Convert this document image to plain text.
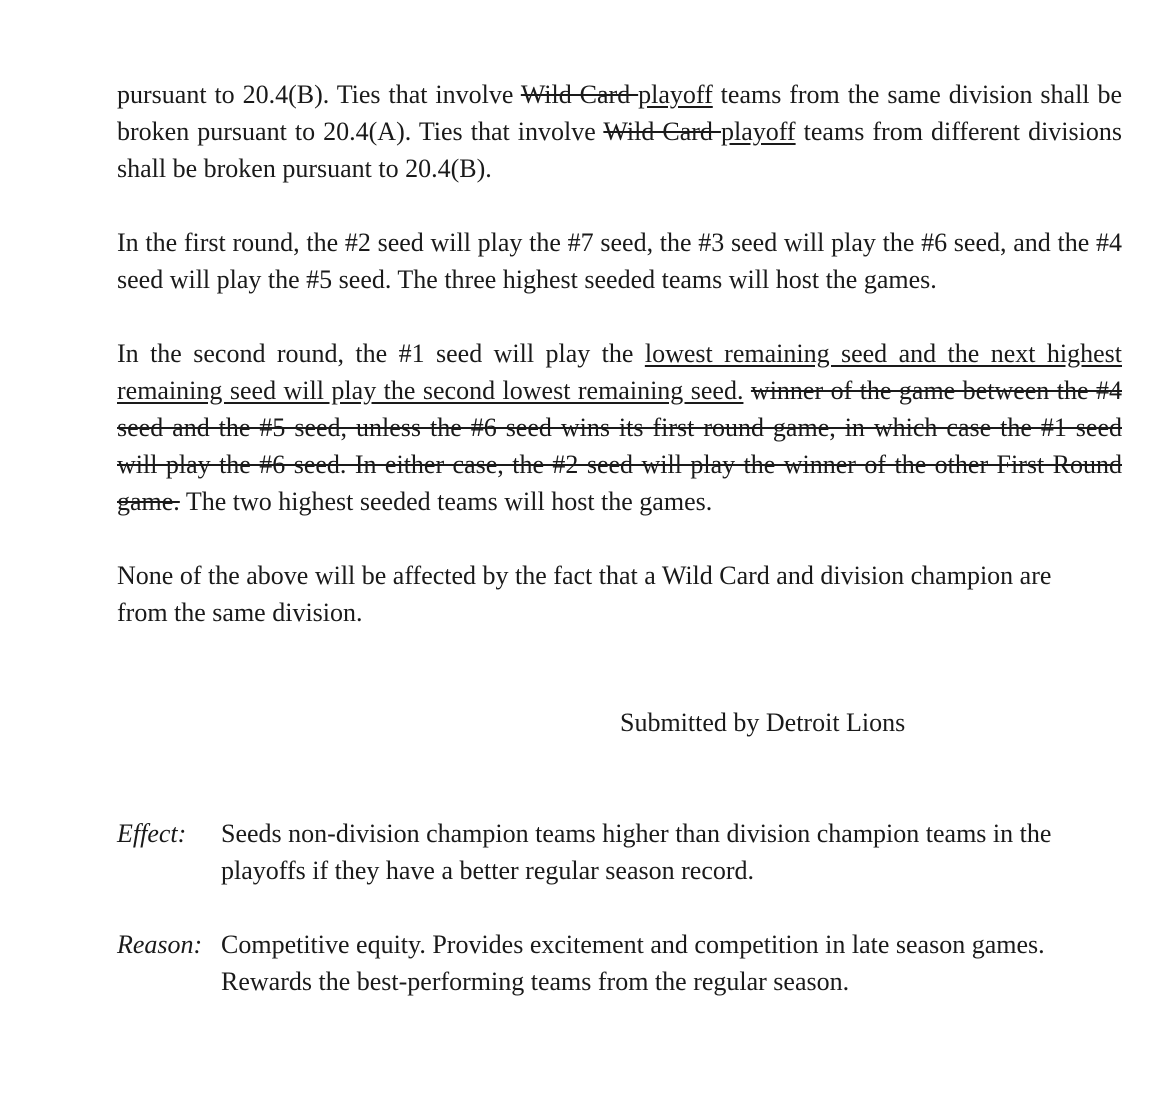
pursuant to 20.4(B). Ties that involve Wild Card playoff teams from the same division shall be broken pursuant to 20.4(A). Ties that involve Wild Card playoff teams from different divisions shall be broken pursuant to 20.4(B).

In the first round, the #2 seed will play the #7 seed, the #3 seed will play the #6 seed, and the #4 seed will play the #5 seed. The three highest seeded teams will host the games.

In the second round, the #1 seed will play the lowest remaining seed and the next highest remaining seed will play the second lowest remaining seed. winner of the game between the #4 seed and the #5 seed, unless the #6 seed wins its first round game, in which case the #1 seed will play the #6 seed. In either case, the #2 seed will play the winner of the other First Round game. The two highest seeded teams will host the games.

None of the above will be affected by the fact that a Wild Card and division champion are from the same division.

Submitted by Detroit Lions
Effect: Seeds non-division champion teams higher than division champion teams in the playoffs if they have a better regular season record.
Reason: Competitive equity. Provides excitement and competition in late season games. Rewards the best-performing teams from the regular season.
